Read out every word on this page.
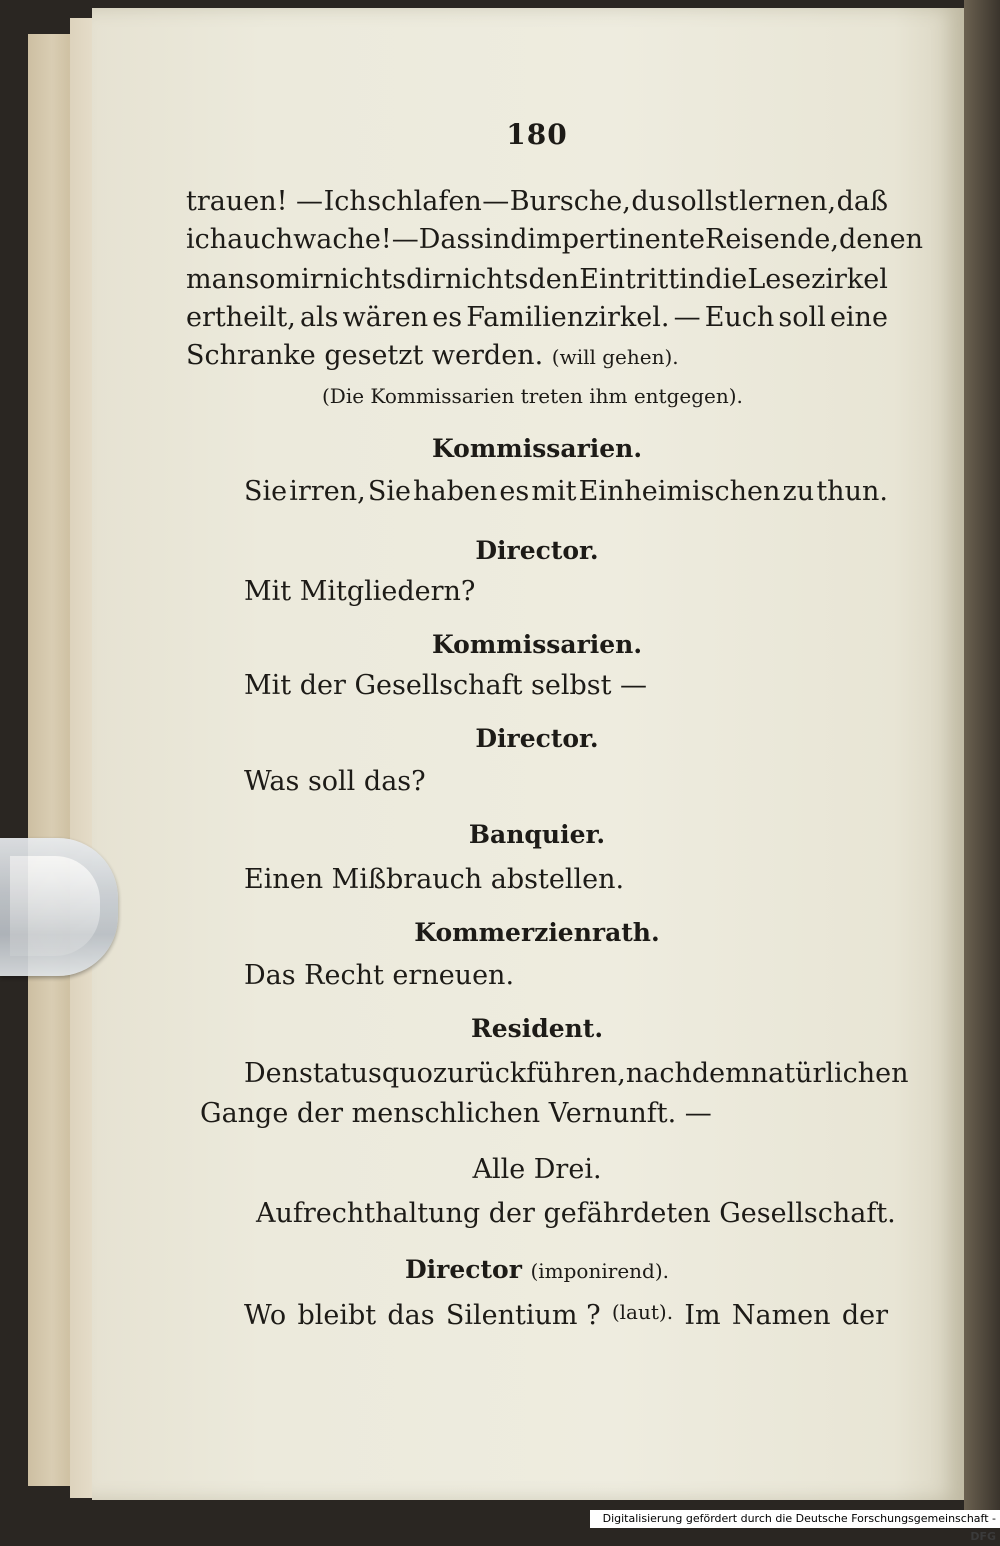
180
trauen! — Ich schlafen — Bursche, du sollst lernen, daß
ich auch wache! — Das sind impertinente Reisende, denen
man so mir nichts dir nichts den Eintritt in die Lesezirkel
ertheilt, als wären es Familienzirkel. — Euch soll eine
Schranke gesetzt werden. (will gehen).
(Die Kommissarien treten ihm entgegen).
Kommissarien.
Sie irren, Sie haben es mit Einheimischen zu thun.
Director.
Mit Mitgliedern?
Kommissarien.
Mit der Gesellschaft selbst —
Director.
Was soll das?
Banquier.
Einen Mißbrauch abstellen.
Kommerzienrath.
Das Recht erneuen.
Resident.
Den status quo zurückführen, nach dem natürlichen
Gange der menschlichen Vernunft. —
Alle Drei.
Aufrechthaltung der gefährdeten Gesellschaft.
Director (imponirend).
Wo bleibt das Silentium ? (laut). Im Namen der
Digitalisierung gefördert durch die Deutsche Forschungsgemeinschaft - DFG
